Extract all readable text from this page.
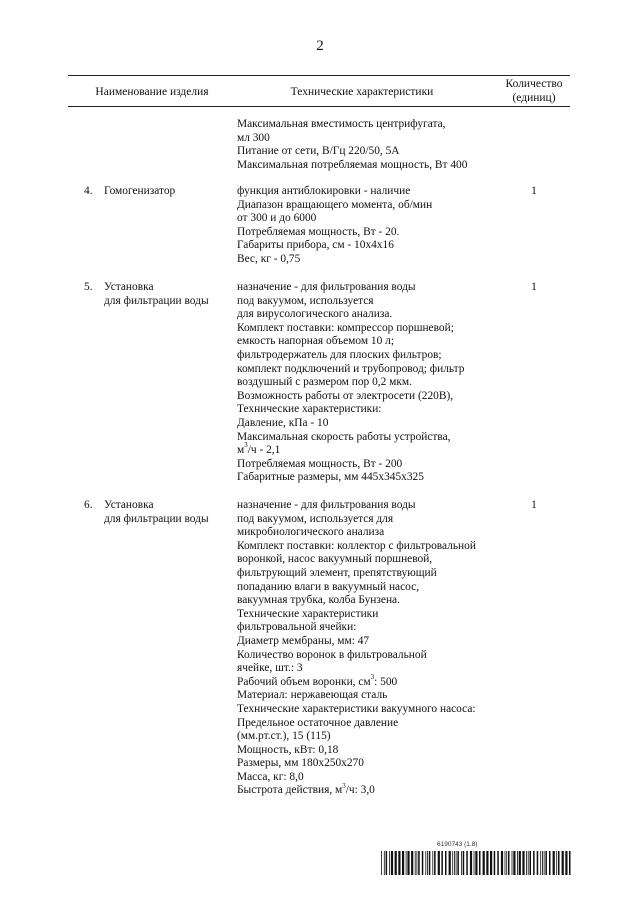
2
Наименование изделия	Технические характеристики
Количество
(единиц)
Максимальная вместимость центрифугата,
мл 300
Питание от сети, В/Гц 220/50, 5А
Максимальная потребляемая мощность, Вт 400
4. Гомогенизатор	1
функция антиблокировки - наличие
Диапазон вращающего момента, об/мин
от 300 и до 6000
Потребляемая мощность, Вт - 20.
Габариты прибора, см - 10х4х16
Вес, кг - 0,75
5. Установка
для фильтрации воды
1
назначение - для фильтрования воды
под вакуумом, используется
для вирусологического анализа.
Комплект поставки: компрессор поршневой;
емкость напорная объемом 10 л;
фильтродержатель для плоских фильтров;
комплект подключений и трубопровод; фильтр
воздушный с размером пор 0,2 мкм.
Возможность работы от электросети (220В),
Технические характеристики:
Давление, кПа - 10
Максимальная скорость работы устройства,
$м^3/ч - 2,1$
Потребляемая мощность, Вт - 200
Габаритные размеры, мм 445х345х325
6. Установка
для фильтрации воды
1
назначение - для фильтрования воды
под вакуумом, используется для
микробиологического анализа
Комплект поставки: коллектор с фильтровальной
воронкой, насос вакуумный поршневой,
фильтрующий элемент, препятствующий
попаданию влаги в вакуумный насос,
вакуумная трубка, колба Бунзена.
Технические характеристики
фильтровальной ячейки:
Диаметр мембраны, мм: 47
Количество воронок в фильтровальной
ячейке, шт.: 3
Рабочий объем воронки, $см^3$: 500
Материал: нержавеющая сталь
Технические характеристики вакуумного насоса:
Предельное остаточное давление
(мм.рт.ст.), 15 (115)
Мощность, кВт: 0,18
Размеры, мм 180х250х270
Масса, кг: 8,0
Быстрота действия, $м^3/ч$: 3,0
6190743 (1.8)
